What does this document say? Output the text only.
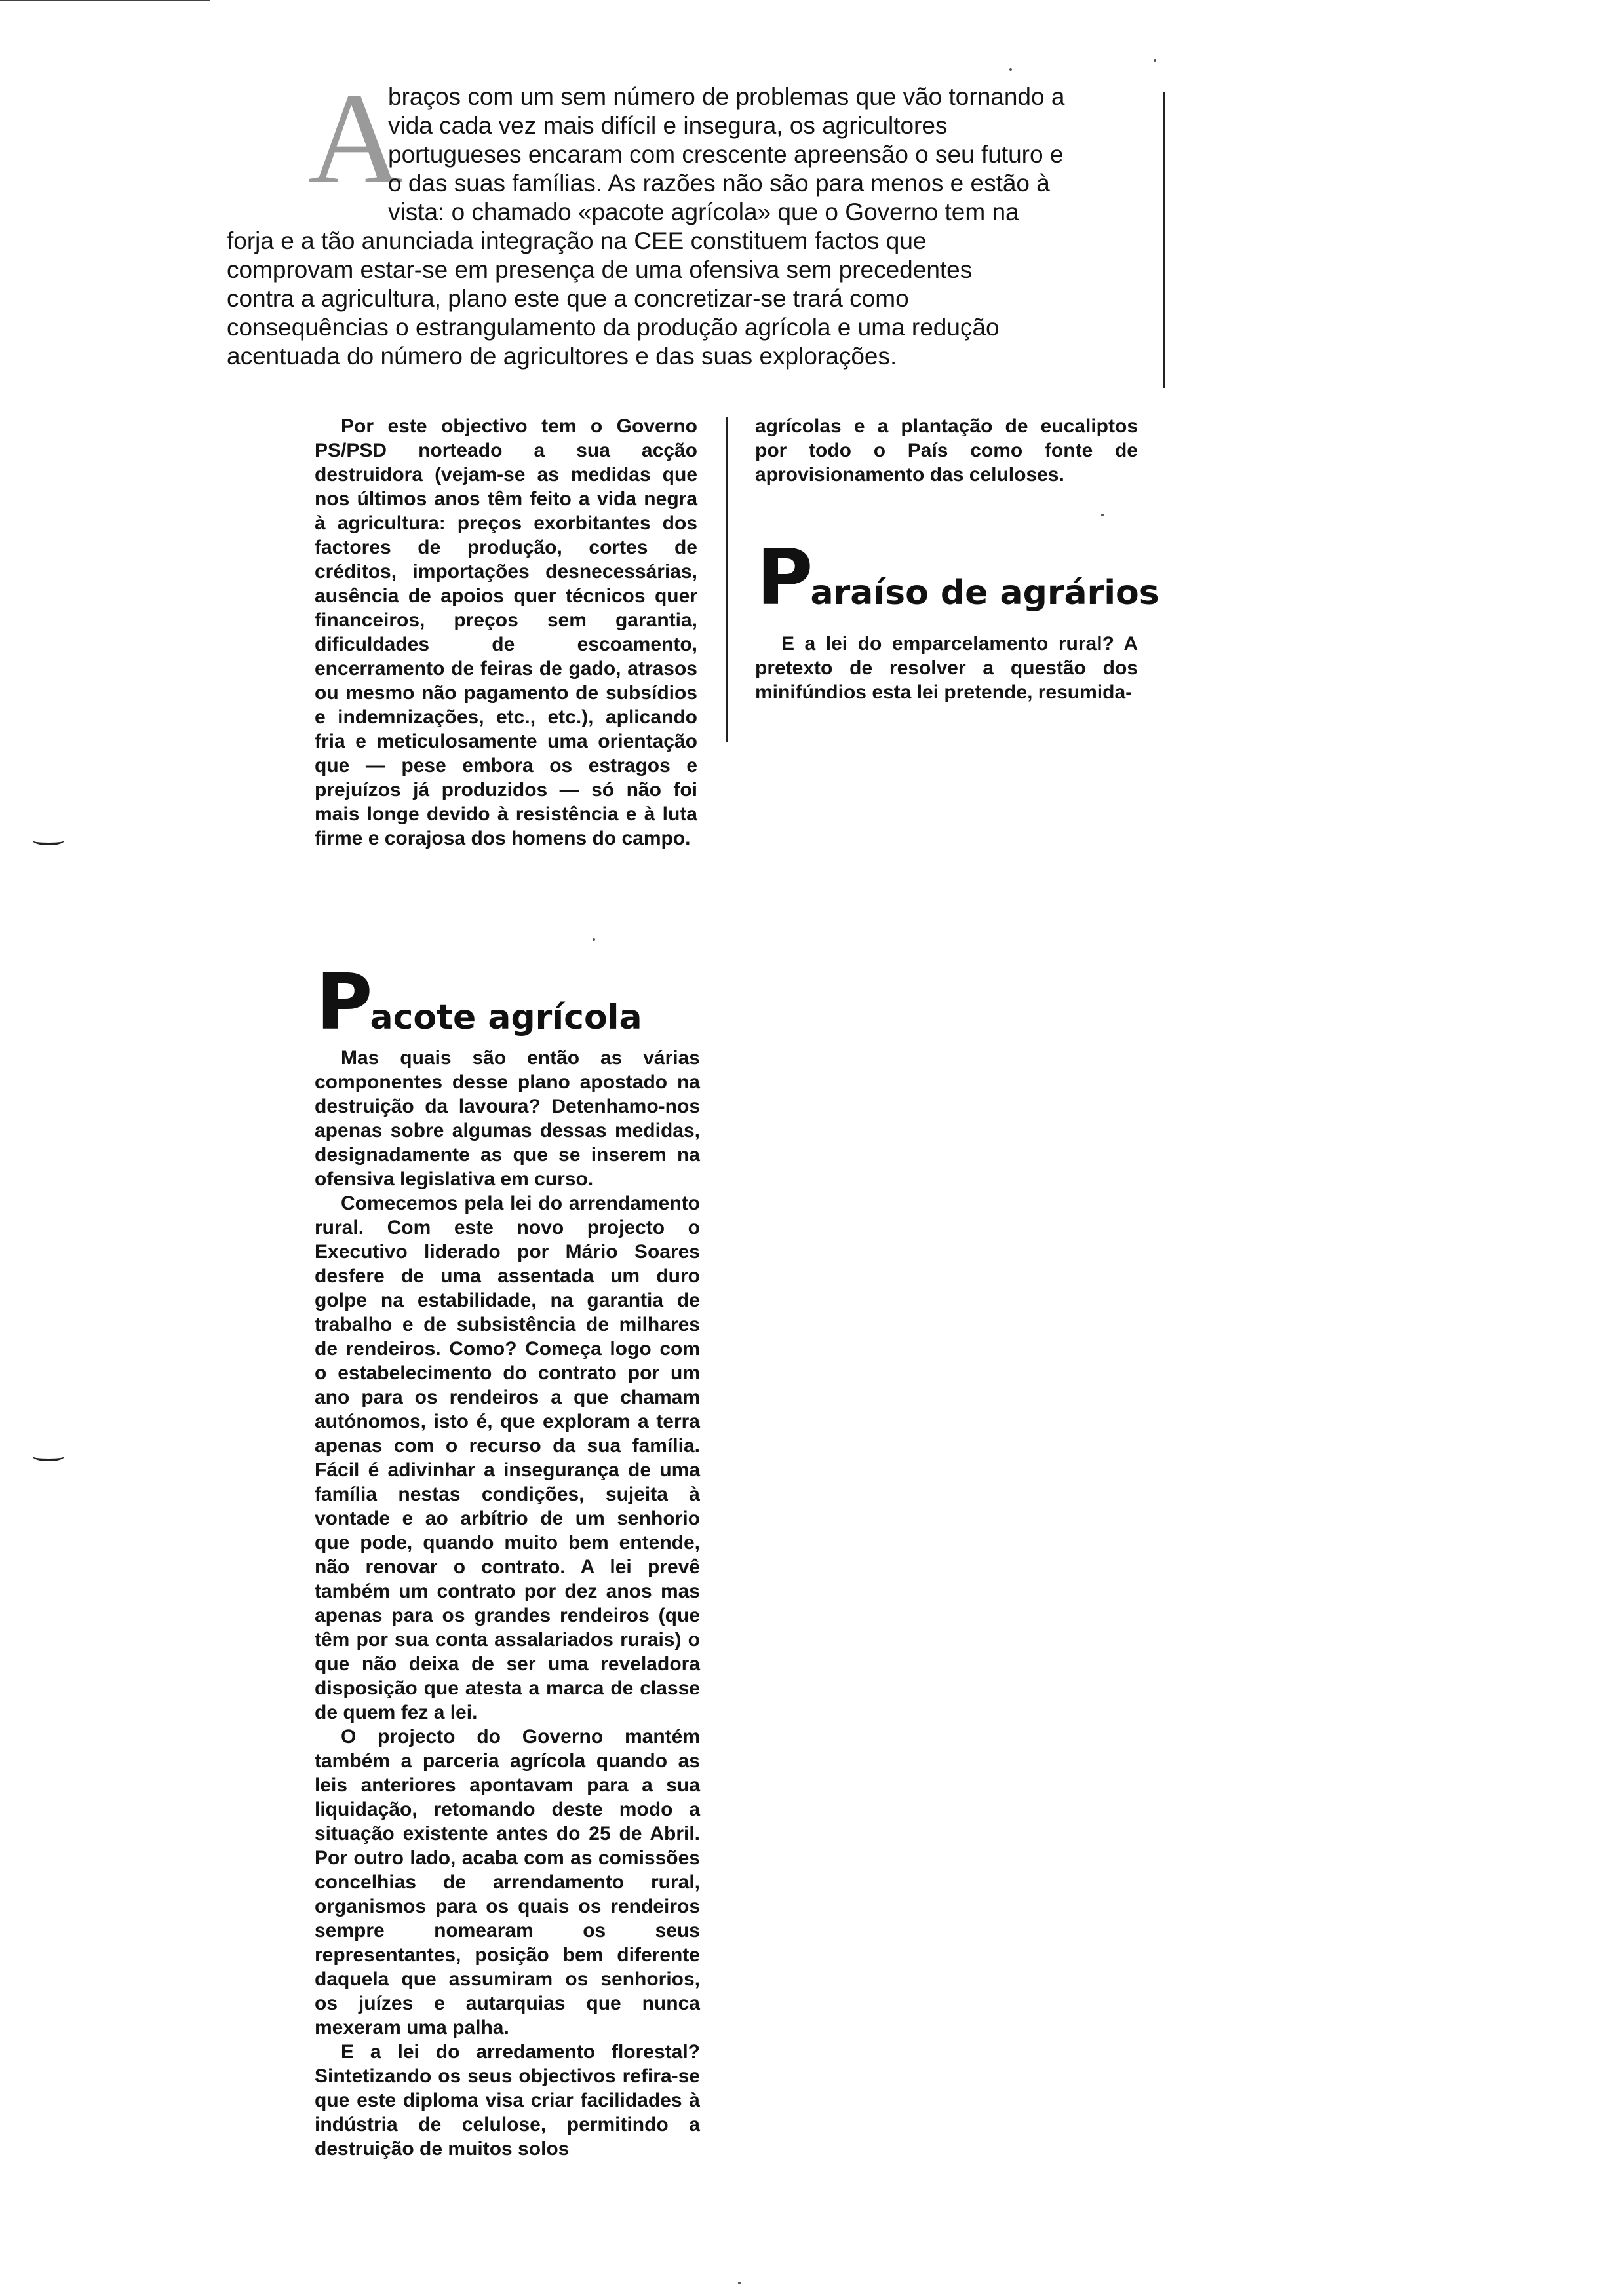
A
braços com um sem número de problemas que vão tornando a
vida cada vez mais difícil e insegura, os agricultores
portugueses encaram com crescente apreensão o seu futuro e
o das suas famílias. As razões não são para menos e estão à
vista: o chamado «pacote agrícola» que o Governo tem na
forja e a tão anunciada integração na CEE constituem factos que
comprovam estar-se em presença de uma ofensiva sem precedentes
contra a agricultura, plano este que a concretizar-se trará como
consequências o estrangulamento da produção agrícola e uma redução
acentuada do número de agricultores e das suas explorações.

Por este objectivo tem o Governo PS/PSD norteado a sua acção destruidora (vejam-se as medidas que nos últimos anos têm feito a vida negra à agricultura: preços exorbitantes dos factores de produção, cortes de créditos, importações desnecessárias, ausência de apoios quer técnicos quer financeiros, preços sem garantia, dificuldades de escoamento, encerramento de feiras de gado, atrasos ou mesmo não pagamento de subsídios e indemnizações, etc., etc.), aplicando fria e meticulosamente uma orientação que — pese embora os estragos e prejuízos já produzidos — só não foi mais longe devido à resistência e à luta firme e corajosa dos homens do campo.

Pacote agrícola

Mas quais são então as várias componentes desse plano apostado na destruição da lavoura? Detenhamo-nos apenas sobre algumas dessas medidas, designadamente as que se inserem na ofensiva legislativa em curso.

Comecemos pela lei do arrendamento rural. Com este novo projecto o Executivo liderado por Mário Soares desfere de uma assentada um duro golpe na estabilidade, na garantia de trabalho e de subsistência de milhares de rendeiros. Como? Começa logo com o estabelecimento do contrato por um ano para os rendeiros a que chamam autónomos, isto é, que exploram a terra apenas com o recurso da sua família. Fácil é adivinhar a insegurança de uma família nestas condições, sujeita à vontade e ao arbítrio de um senhorio que pode, quando muito bem entende, não renovar o contrato. A lei prevê também um contrato por dez anos mas apenas para os grandes rendeiros (que têm por sua conta assalariados rurais) o que não deixa de ser uma reveladora disposição que atesta a marca de classe de quem fez a lei.

O projecto do Governo mantém também a parceria agrícola quando as leis anteriores apontavam para a sua liquidação, retomando deste modo a situação existente antes do 25 de Abril. Por outro lado, acaba com as comissões concelhias de arrendamento rural, organismos para os quais os rendeiros sempre nomearam os seus representantes, posição bem diferente daquela que assumiram os senhorios, os juízes e autarquias que nunca mexeram uma palha.

E a lei do arredamento florestal? Sintetizando os seus objectivos refira-se que este diploma visa criar facilidades à indústria de celulose, permitindo a destruição de muitos solos

agrícolas e a plantação de eucaliptos por todo o País como fonte de aprovisionamento das celuloses.

Paraíso de agrários

E a lei do emparcelamento rural? A pretexto de resolver a questão dos minifúndios esta lei pretende, resumida-
